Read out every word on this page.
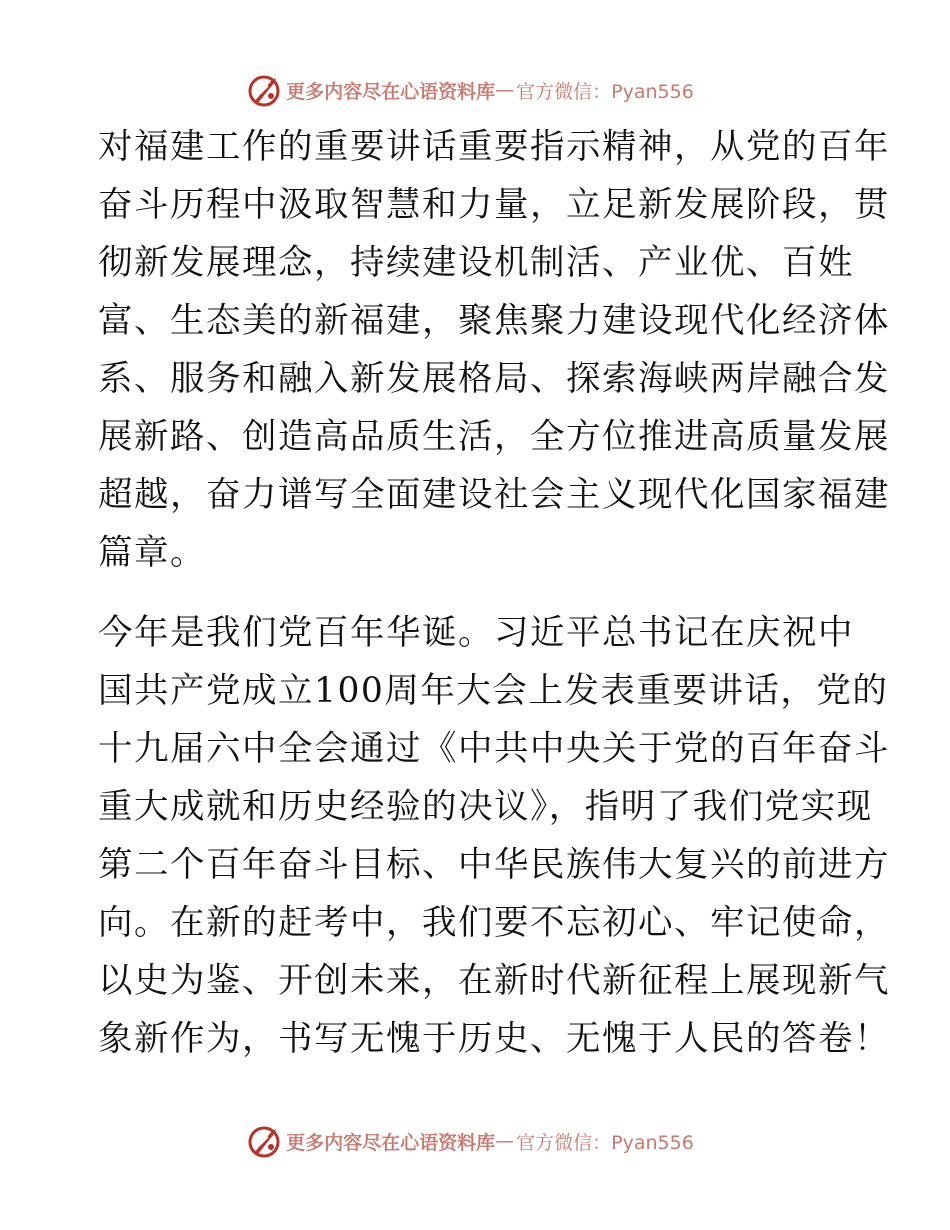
更多内容尽在心语资料库 — 官方微信：Pyan556
对福建工作的重要讲话重要指示精神，从党的百年
奋斗历程中汲取智慧和力量，立足新发展阶段，贯
彻新发展理念，持续建设机制活、产业优、百姓
富、生态美的新福建，聚焦聚力建设现代化经济体
系、服务和融入新发展格局、探索海峡两岸融合发
展新路、创造高品质生活，全方位推进高质量发展
超越，奋力谱写全面建设社会主义现代化国家福建
篇章。
今年是我们党百年华诞。习近平总书记在庆祝中
国共产党成立100周年大会上发表重要讲话，党的
十九届六中全会通过《中共中央关于党的百年奋斗
重大成就和历史经验的决议》，指明了我们党实现
第二个百年奋斗目标、中华民族伟大复兴的前进方
向。在新的赶考中，我们要不忘初心、牢记使命，
以史为鉴、开创未来，在新时代新征程上展现新气
象新作为，书写无愧于历史、无愧于人民的答卷！
更多内容尽在心语资料库 — 官方微信：Pyan556
